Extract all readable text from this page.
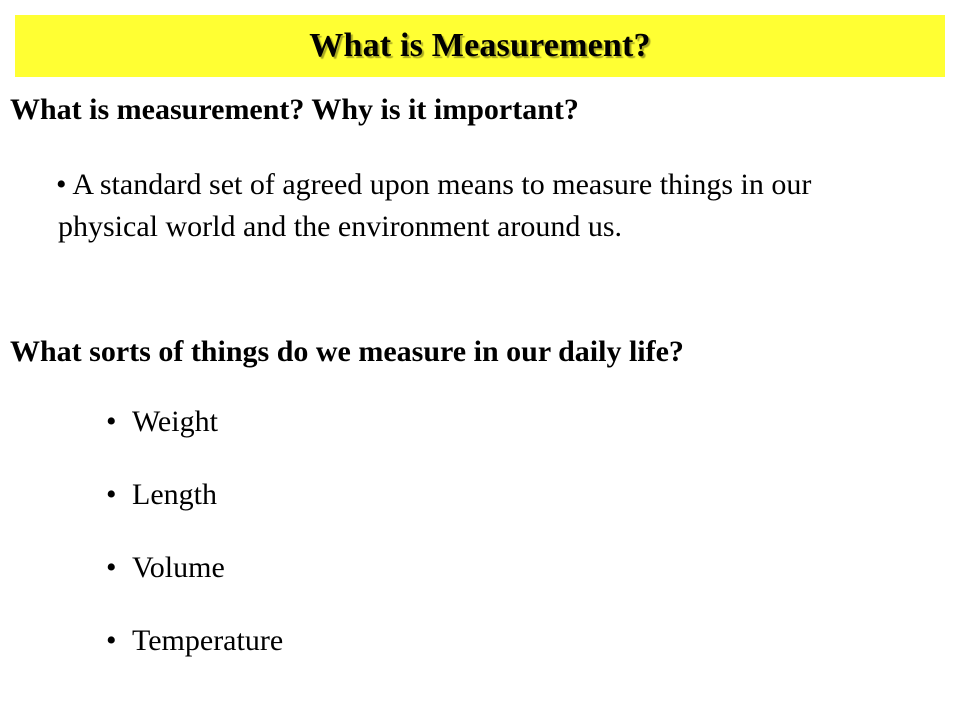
What is Measurement?
What is measurement? Why is it important?
• A standard set of agreed upon means to measure things in our physical world and the environment around us.
What sorts of things do we measure in our daily life?
• Weight
• Length
• Volume
• Temperature
